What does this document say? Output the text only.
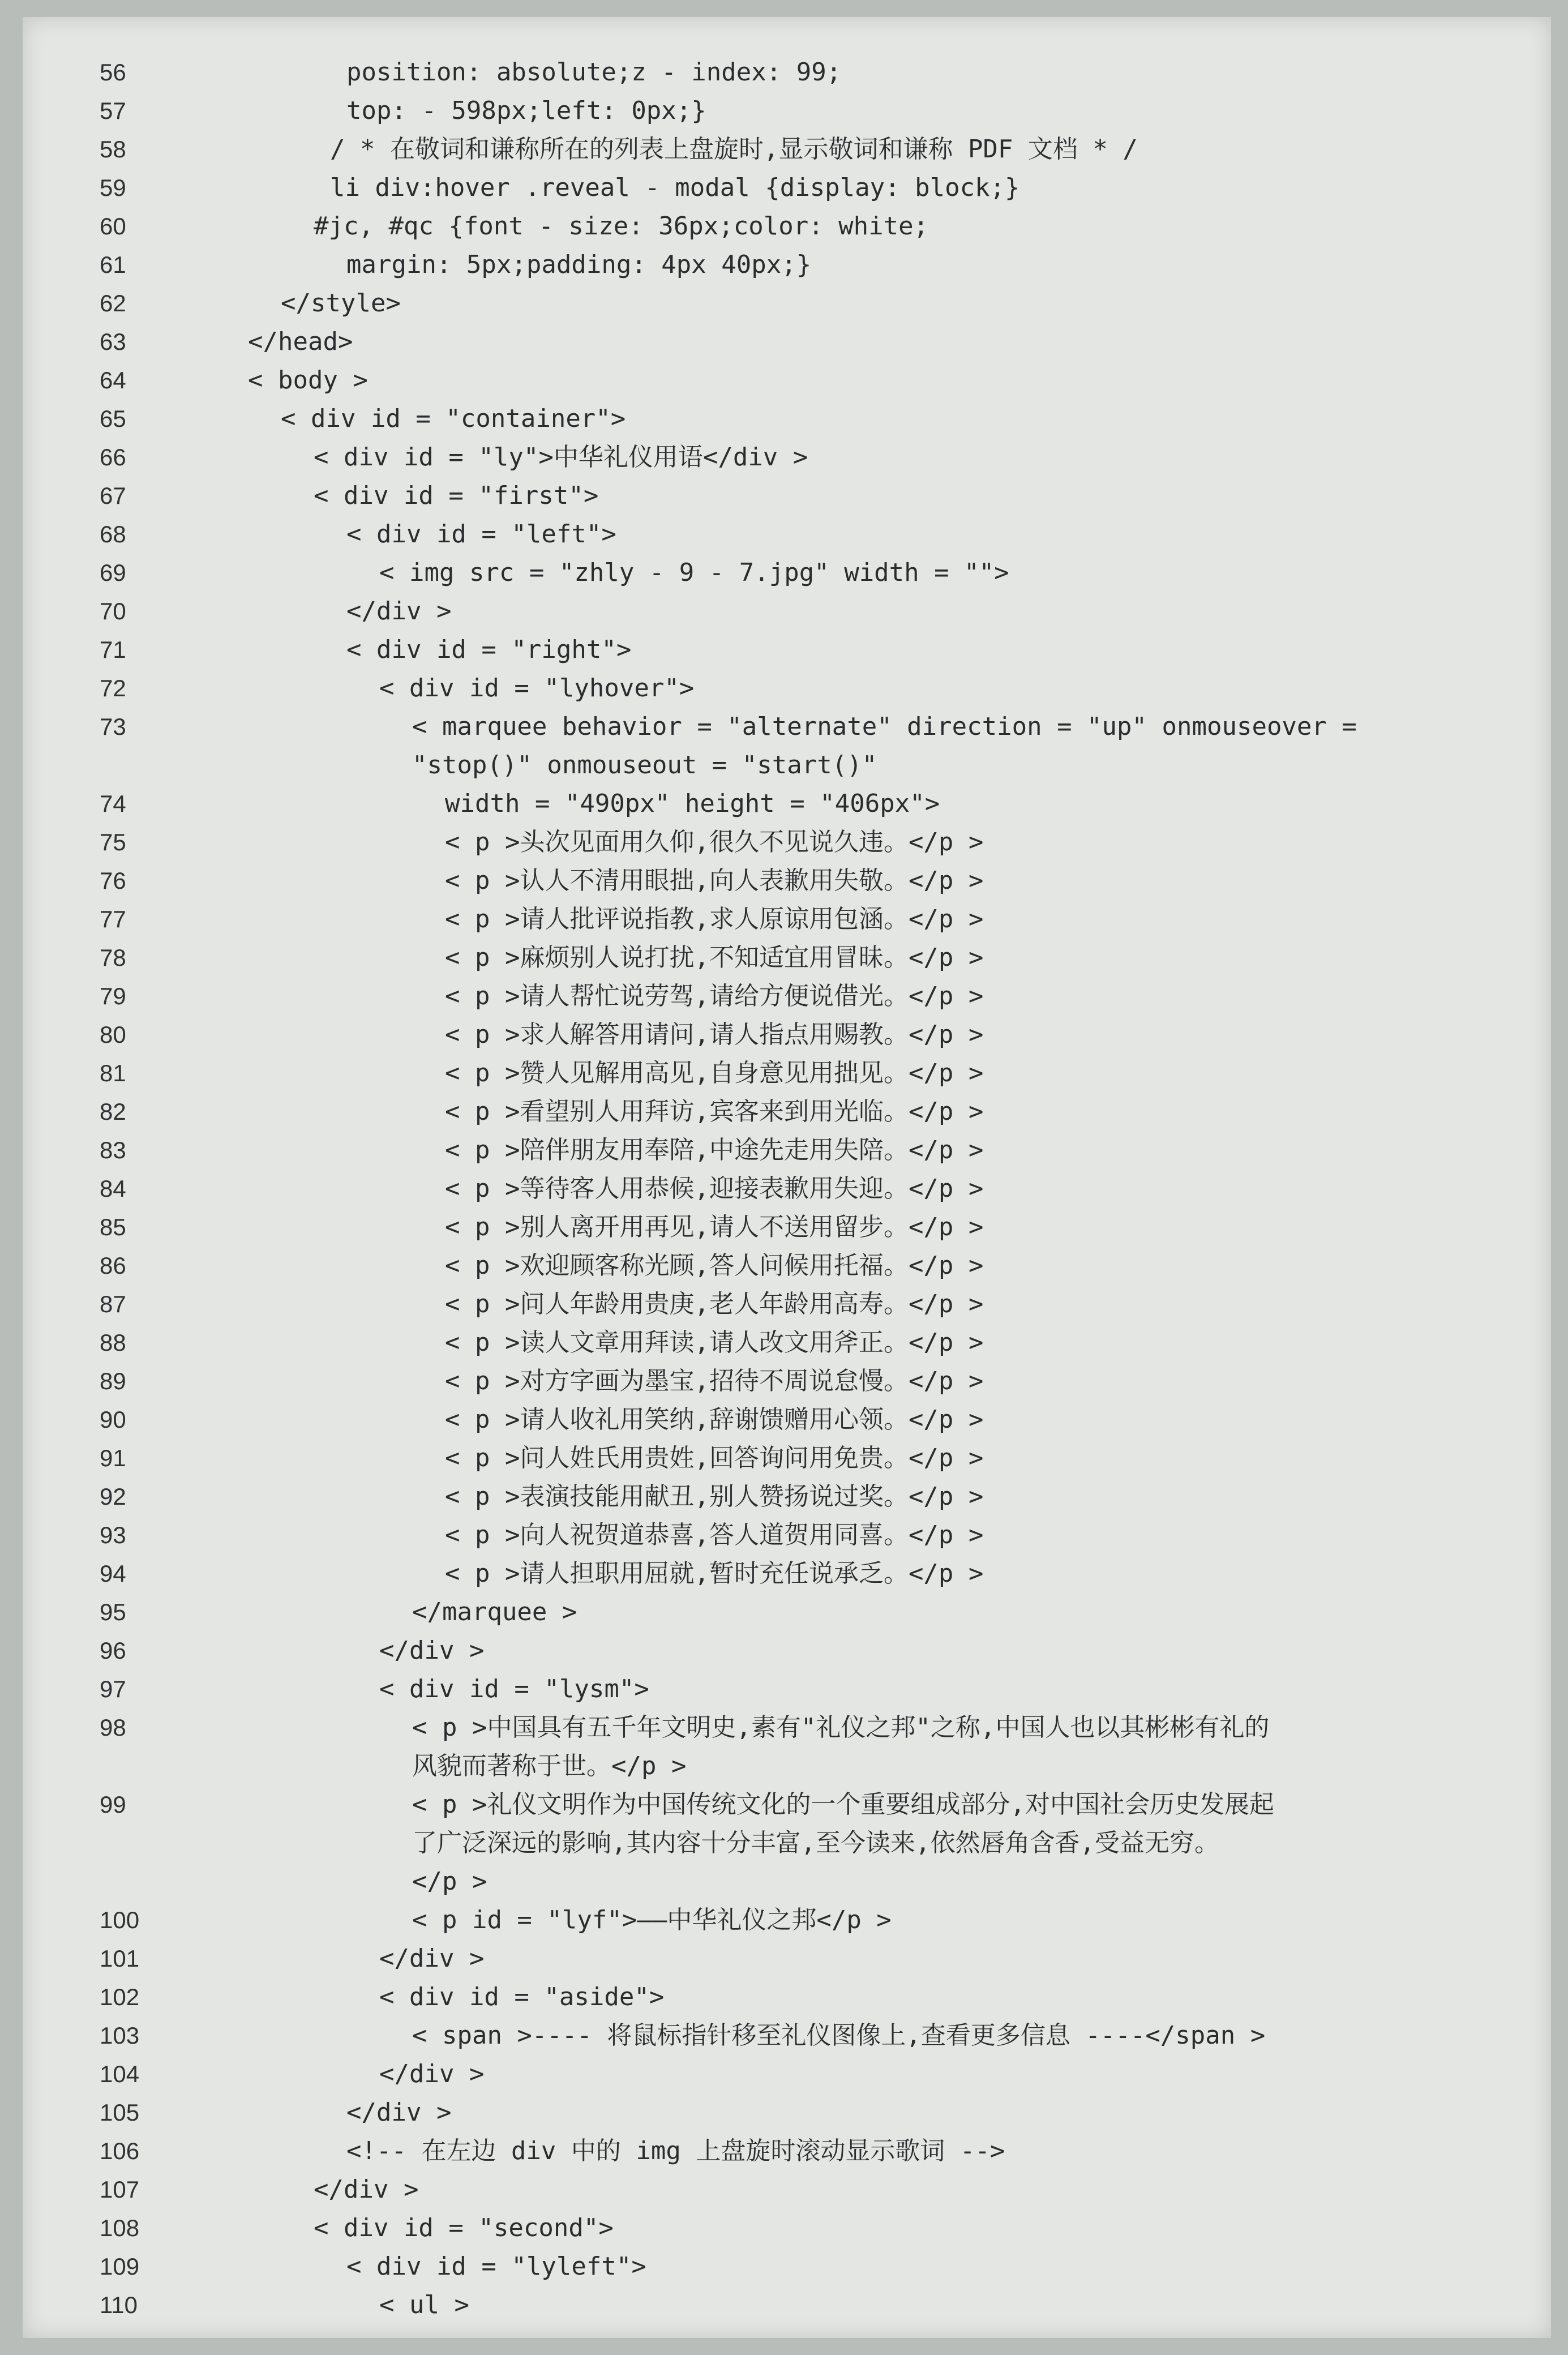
56	position: absolute;z - index: 99;
57	top: - 598px;left: 0px;}
58	/ * 在敬词和谦称所在的列表上盘旋时,显示敬词和谦称 PDF 文档 * /
59	li div:hover .reveal - modal {display: block;}
60	#jc, #qc {font - size: 36px;color: white;
61	margin: 5px;padding: 4px 40px;}
62	</style>
63	</head>
64	< body >
65	< div id = "container">
66	< div id = "ly">中华礼仪用语</div >
67	< div id = "first">
68	< div id = "left">
69	< img src = "zhly - 9 - 7.jpg" width = "">
70	</div >
71	< div id = "right">
72	< div id = "lyhover">
73	< marquee behavior = "alternate" direction = "up" onmouseover =
"stop()" onmouseout = "start()"
74	width = "490px" height = "406px">
75	< p >头次见面用久仰,很久不见说久违。</p >
76	< p >认人不清用眼拙,向人表歉用失敬。</p >
77	< p >请人批评说指教,求人原谅用包涵。</p >
78	< p >麻烦别人说打扰,不知适宜用冒昧。</p >
79	< p >请人帮忙说劳驾,请给方便说借光。</p >
80	< p >求人解答用请问,请人指点用赐教。</p >
81	< p >赞人见解用高见,自身意见用拙见。</p >
82	< p >看望别人用拜访,宾客来到用光临。</p >
83	< p >陪伴朋友用奉陪,中途先走用失陪。</p >
84	< p >等待客人用恭候,迎接表歉用失迎。</p >
85	< p >别人离开用再见,请人不送用留步。</p >
86	< p >欢迎顾客称光顾,答人问候用托福。</p >
87	< p >问人年龄用贵庚,老人年龄用高寿。</p >
88	< p >读人文章用拜读,请人改文用斧正。</p >
89	< p >对方字画为墨宝,招待不周说怠慢。</p >
90	< p >请人收礼用笑纳,辞谢馈赠用心领。</p >
91	< p >问人姓氏用贵姓,回答询问用免贵。</p >
92	< p >表演技能用献丑,别人赞扬说过奖。</p >
93	< p >向人祝贺道恭喜,答人道贺用同喜。</p >
94	< p >请人担职用屈就,暂时充任说承乏。</p >
95	</marquee >
96	</div >
97	< div id = "lysm">
98	< p >中国具有五千年文明史,素有"礼仪之邦"之称,中国人也以其彬彬有礼的
风貌而著称于世。</p >
99	< p >礼仪文明作为中国传统文化的一个重要组成部分,对中国社会历史发展起
了广泛深远的影响,其内容十分丰富,至今读来,依然唇角含香,受益无穷。
</p >
100	< p id = "lyf">——中华礼仪之邦</p >
101	</div >
102	< div id = "aside">
103	< span >---- 将鼠标指针移至礼仪图像上,查看更多信息 ----</span >
104	</div >
105	</div >
106	<!-- 在左边 div 中的 img 上盘旋时滚动显示歌词 -->
107	</div >
108	< div id = "second">
109	< div id = "lyleft">
110	< ul >
